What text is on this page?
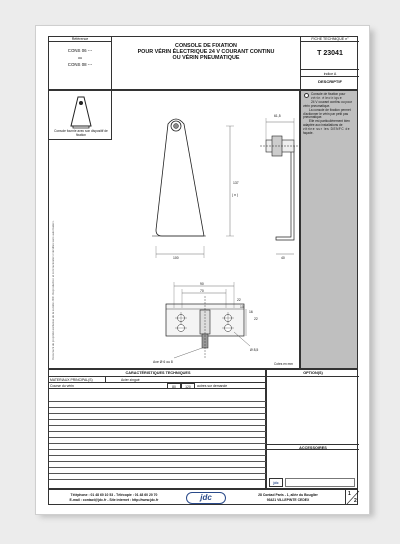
Référence
CONS 06 ---
ou
CONS 08 ---
CONSOLE DE FIXATION
POUR VÉRIN ÉLECTRIQUE 24 V COURANT CONTINU
OU VÉRIN PNEUMATIQUE
FICHE TECHNIQUE n°
T 23041
indice A
DESCRIPTIF
Console fournie avec son dispositif de fixation
Document de propriété exclusive de la société JDC. Reproduction et communication interdites sans autorisation.
Console de fixation pour
vérin électrique
24 V courant continu ou pour
vérin pneumatique.
La console de fixation permet
d'actionner le vérin par petit pas
pneumatique.
Elle est particulièrement bien
adaptée aux installations de
vitrine sur les DENFC de
façade.
61,5
137
( n )
100	40
90
70
22
10
16
22
Ø 8,5
Axe Ø 6 ou 8	Cotes en mm
CARACTÉRISTIQUES TECHNIQUES
MATERIAUX PRINCIPAL(S)	Acier zingué
Course du vérin	80	120	autres sur demande
OPTION(S)
ACCESSOIRES
jdc
Téléphone : 01 48 60 10 53 - Télécopie : 01 48 60 20 70
E-mail : contact@jdc.fr - Site internet : http://www.jdc.fr	jdc	28 Contad Paris - 1, allée du Bouglier
93421 VILLEPINTE CEDEX
1
2
